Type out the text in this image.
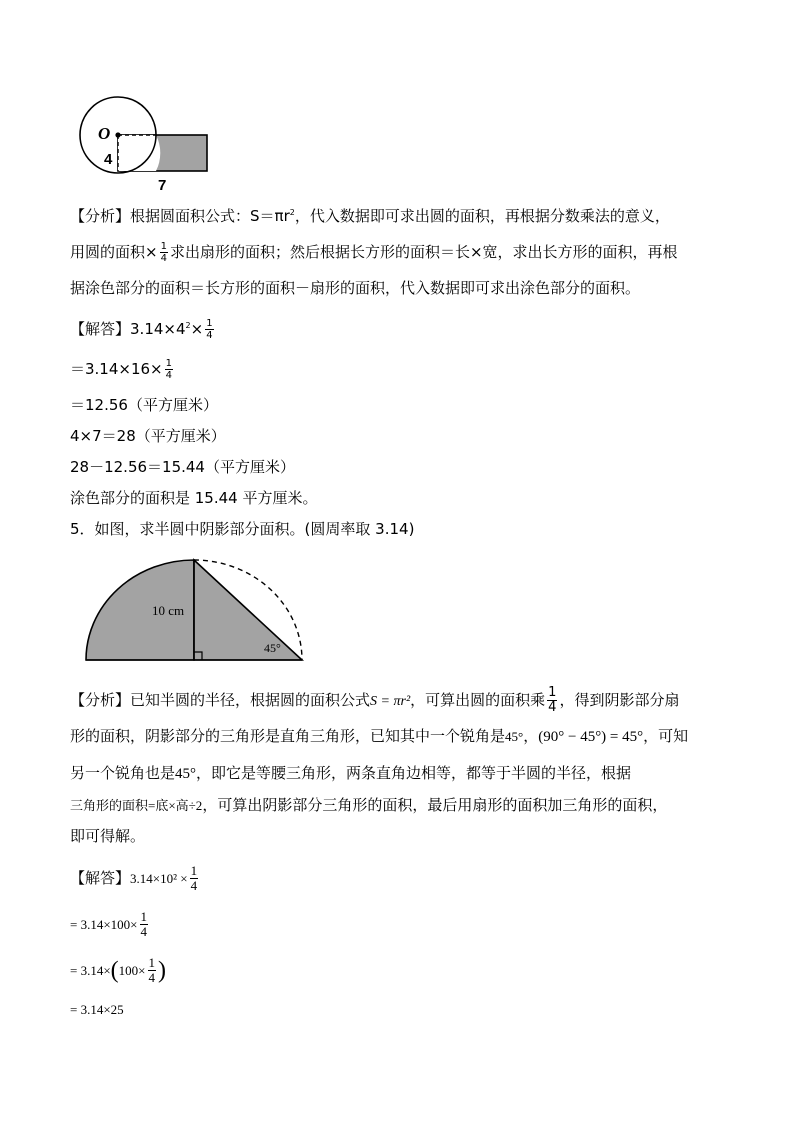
O
4
7
【分析】根据圆面积公式：$S=\pi r^2$，代入数据即可求出圆的面积，再根据分数乘法的意义，
用圆的面积× $\frac{1}{4}$ 求出扇形的面积；然后根据长方形的面积＝长×宽，求出长方形的面积，再根
据涂色部分的面积＝长方形的面积－扇形的面积，代入数据即可求出涂色部分的面积。
【解答】$3.14\times 4^2\times \frac{1}{4}$
$=3.14\times 16\times \frac{1}{4}$
＝12.56（平方厘米）
4×7＝28（平方厘米）
28－12.56＝15.44（平方厘米）
涂色部分的面积是 15.44 平方厘米。
5．如图，求半圆中阴影部分面积。(圆周率取 3.14)
10 cm
45°
【分析】已知半圆的半径，根据圆的面积公式S = πr²，可算出圆的面积乘 $\frac{1}{4}$ ，得到阴影部分扇
形的面积，阴影部分的三角形是直角三角形，已知其中一个锐角是45°，(90° − 45°) = 45°，可知
另一个锐角也是45°，即它是等腰三角形，两条直角边相等，都等于半圆的半径，根据
三角形的面积=底×高÷2，可算出阴影部分三角形的面积，最后用扇形的面积加三角形的面积，
即可得解。
【解答】$3.14\times 10^2 \times \frac{1}{4}$
= $3.14\times 100\times \frac{1}{4}$
= $3.14\times(100\times \frac{1}{4}$ )
= 3.14×25
